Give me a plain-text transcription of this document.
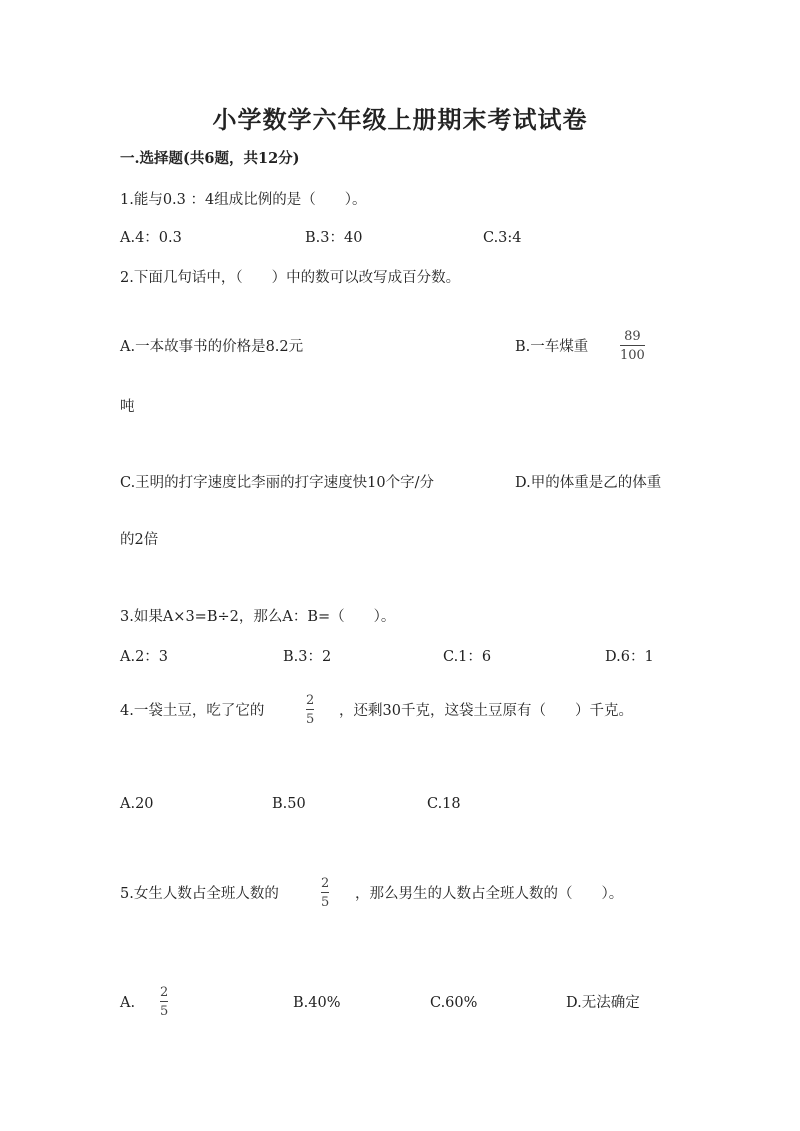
小学数学六年级上册期末考试试卷
一.选择题(共6题，共12分)
1.能与0.3 ：4组成比例的是（　　）。
A.4：0.3	B.3：40	C.3:4
2.下面几句话中，（　　）中的数可以改写成百分数。
A.一本故事书的价格是8.2元	B.一车煤重
89
100
吨
C.王明的打字速度比李丽的打字速度快10个字/分	D.甲的体重是乙的体重
的2倍
3.如果A×3=B÷2，那么A：B=（　　）。
A.2：3	B.3：2	C.1：6	D.6：1
4.一袋土豆，吃了它的
2
5
，还剩30千克，这袋土豆原有（　　）千克。
A.20	B.50	C.18
5.女生人数占全班人数的
2
5
，那么男生的人数占全班人数的（　　）。
A.
2
5
B.40%	C.60%	D.无法确定
